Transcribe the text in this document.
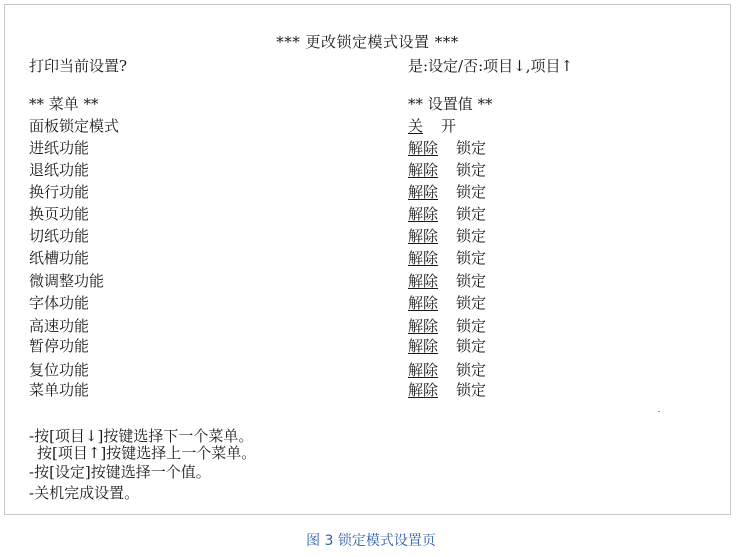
*** 更改锁定模式设置 ***
打印当前设置?	是:设定/否:项目↓,项目↑
** 菜单 **	** 设置值 **
面板锁定模式	关 开
进纸功能	解除 锁定
退纸功能	解除 锁定
换行功能	解除 锁定
换页功能	解除 锁定
切纸功能	解除 锁定
纸槽功能	解除 锁定
微调整功能	解除 锁定
字体功能	解除 锁定
高速功能	解除 锁定
暂停功能	解除 锁定
复位功能	解除 锁定
菜单功能	解除 锁定
-按[项目↓]按键选择下一个菜单。
按[项目↑]按键选择上一个菜单。
-按[设定]按键选择一个值。
-关机完成设置。
图 3 锁定模式设置页
